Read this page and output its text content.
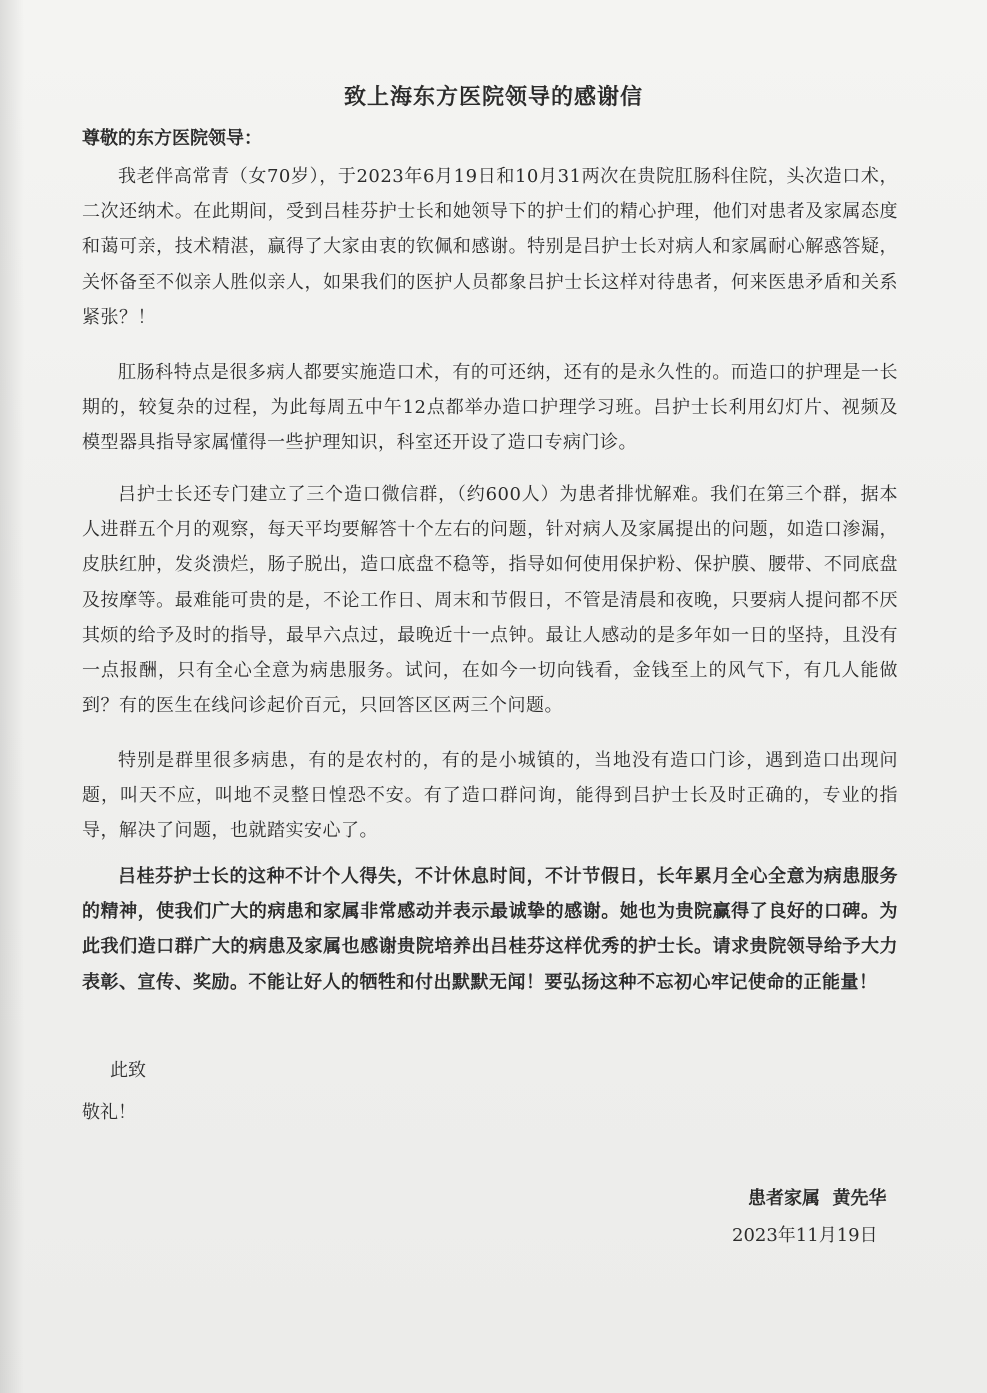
致上海东方医院领导的感谢信
尊敬的东方医院领导：

我老伴高常青（女70岁），于2023年6月19日和10月31两次在贵院肛肠科住院，头次造口术，二次还纳术。在此期间，受到吕桂芬护士长和她领导下的护士们的精心护理，他们对患者及家属态度和蔼可亲，技术精湛，赢得了大家由衷的钦佩和感谢。特别是吕护士长对病人和家属耐心解惑答疑，关怀备至不似亲人胜似亲人，如果我们的医护人员都象吕护士长这样对待患者，何来医患矛盾和关系紧张？！

肛肠科特点是很多病人都要实施造口术，有的可还纳，还有的是永久性的。而造口的护理是一长期的，较复杂的过程，为此每周五中午12点都举办造口护理学习班。吕护士长利用幻灯片、视频及模型器具指导家属懂得一些护理知识，科室还开设了造口专病门诊。

吕护士长还专门建立了三个造口微信群，（约600人）为患者排忧解难。我们在第三个群，据本人进群五个月的观察，每天平均要解答十个左右的问题，针对病人及家属提出的问题，如造口渗漏，皮肤红肿，发炎溃烂，肠子脱出，造口底盘不稳等，指导如何使用保护粉、保护膜、腰带、不同底盘及按摩等。最难能可贵的是，不论工作日、周末和节假日，不管是清晨和夜晚，只要病人提问都不厌其烦的给予及时的指导，最早六点过，最晚近十一点钟。最让人感动的是多年如一日的坚持，且没有一点报酬，只有全心全意为病患服务。试问，在如今一切向钱看，金钱至上的风气下，有几人能做到？有的医生在线问诊起价百元，只回答区区两三个问题。

特别是群里很多病患，有的是农村的，有的是小城镇的，当地没有造口门诊，遇到造口出现问题，叫天不应，叫地不灵整日惶恐不安。有了造口群问询，能得到吕护士长及时正确的，专业的指导，解决了问题，也就踏实安心了。

吕桂芬护士长的这种不计个人得失，不计休息时间，不计节假日，长年累月全心全意为病患服务的精神，使我们广大的病患和家属非常感动并表示最诚挚的感谢。她也为贵院赢得了良好的口碑。为此我们造口群广大的病患及家属也感谢贵院培养出吕桂芬这样优秀的护士长。请求贵院领导给予大力表彰、宣传、奖励。不能让好人的牺牲和付出默默无闻！要弘扬这种不忘初心牢记使命的正能量！

此致
敬礼！
患者家属  黄先华
2023年11月19日
